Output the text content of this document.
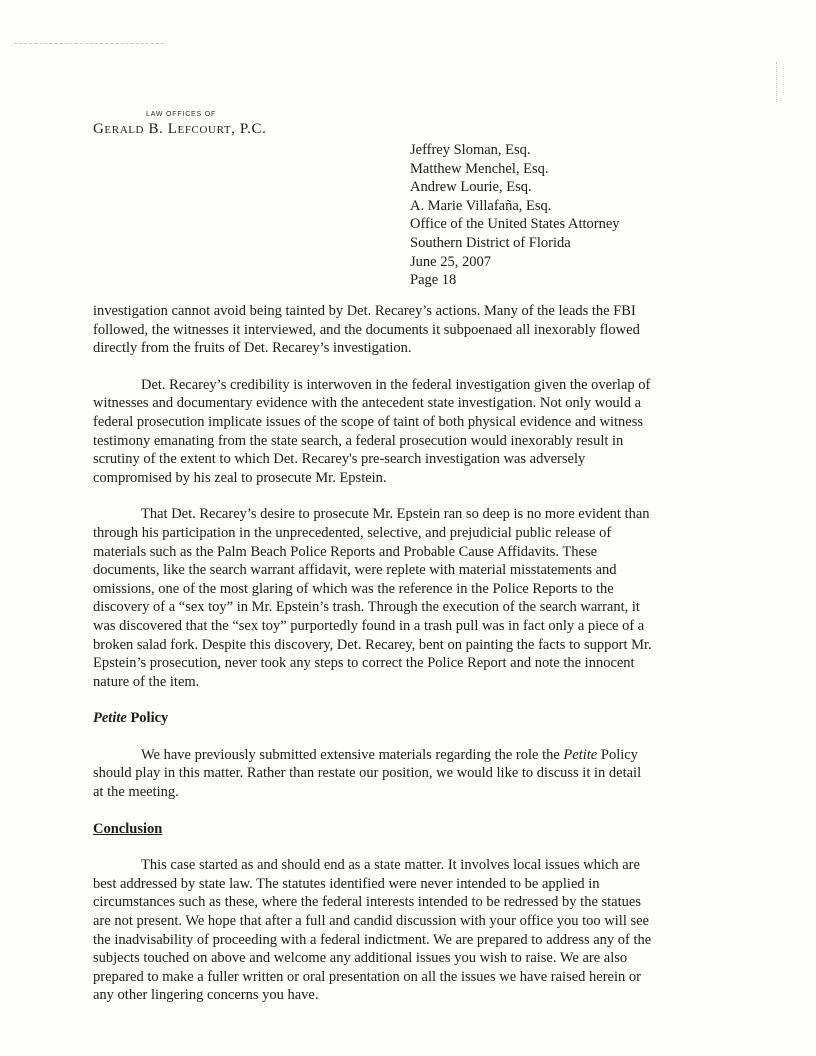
LAW OFFICES OF
Gerald B. Lefcourt, P.C.
Jeffrey Sloman, Esq.
Matthew Menchel, Esq.
Andrew Lourie, Esq.
A. Marie Villafaña, Esq.
Office of the United States Attorney
Southern District of Florida
June 25, 2007
Page 18

investigation cannot avoid being tainted by Det. Recarey’s actions. Many of the leads the FBI
followed, the witnesses it interviewed, and the documents it subpoenaed all inexorably flowed
directly from the fruits of Det. Recarey’s investigation.

Det. Recarey’s credibility is interwoven in the federal investigation given the overlap of
witnesses and documentary evidence with the antecedent state investigation. Not only would a
federal prosecution implicate issues of the scope of taint of both physical evidence and witness
testimony emanating from the state search, a federal prosecution would inexorably result in
scrutiny of the extent to which Det. Recarey's pre-search investigation was adversely
compromised by his zeal to prosecute Mr. Epstein.

That Det. Recarey’s desire to prosecute Mr. Epstein ran so deep is no more evident than
through his participation in the unprecedented, selective, and prejudicial public release of
materials such as the Palm Beach Police Reports and Probable Cause Affidavits. These
documents, like the search warrant affidavit, were replete with material misstatements and
omissions, one of the most glaring of which was the reference in the Police Reports to the
discovery of a “sex toy” in Mr. Epstein’s trash. Through the execution of the search warrant, it
was discovered that the “sex toy” purportedly found in a trash pull was in fact only a piece of a
broken salad fork. Despite this discovery, Det. Recarey, bent on painting the facts to support Mr.
Epstein’s prosecution, never took any steps to correct the Police Report and note the innocent
nature of the item.

Petite Policy

We have previously submitted extensive materials regarding the role the Petite Policy
should play in this matter. Rather than restate our position, we would like to discuss it in detail
at the meeting.

Conclusion

This case started as and should end as a state matter. It involves local issues which are
best addressed by state law. The statutes identified were never intended to be applied in
circumstances such as these, where the federal interests intended to be redressed by the statues
are not present. We hope that after a full and candid discussion with your office you too will see
the inadvisability of proceeding with a federal indictment. We are prepared to address any of the
subjects touched on above and welcome any additional issues you wish to raise. We are also
prepared to make a fuller written or oral presentation on all the issues we have raised herein or
any other lingering concerns you have.
